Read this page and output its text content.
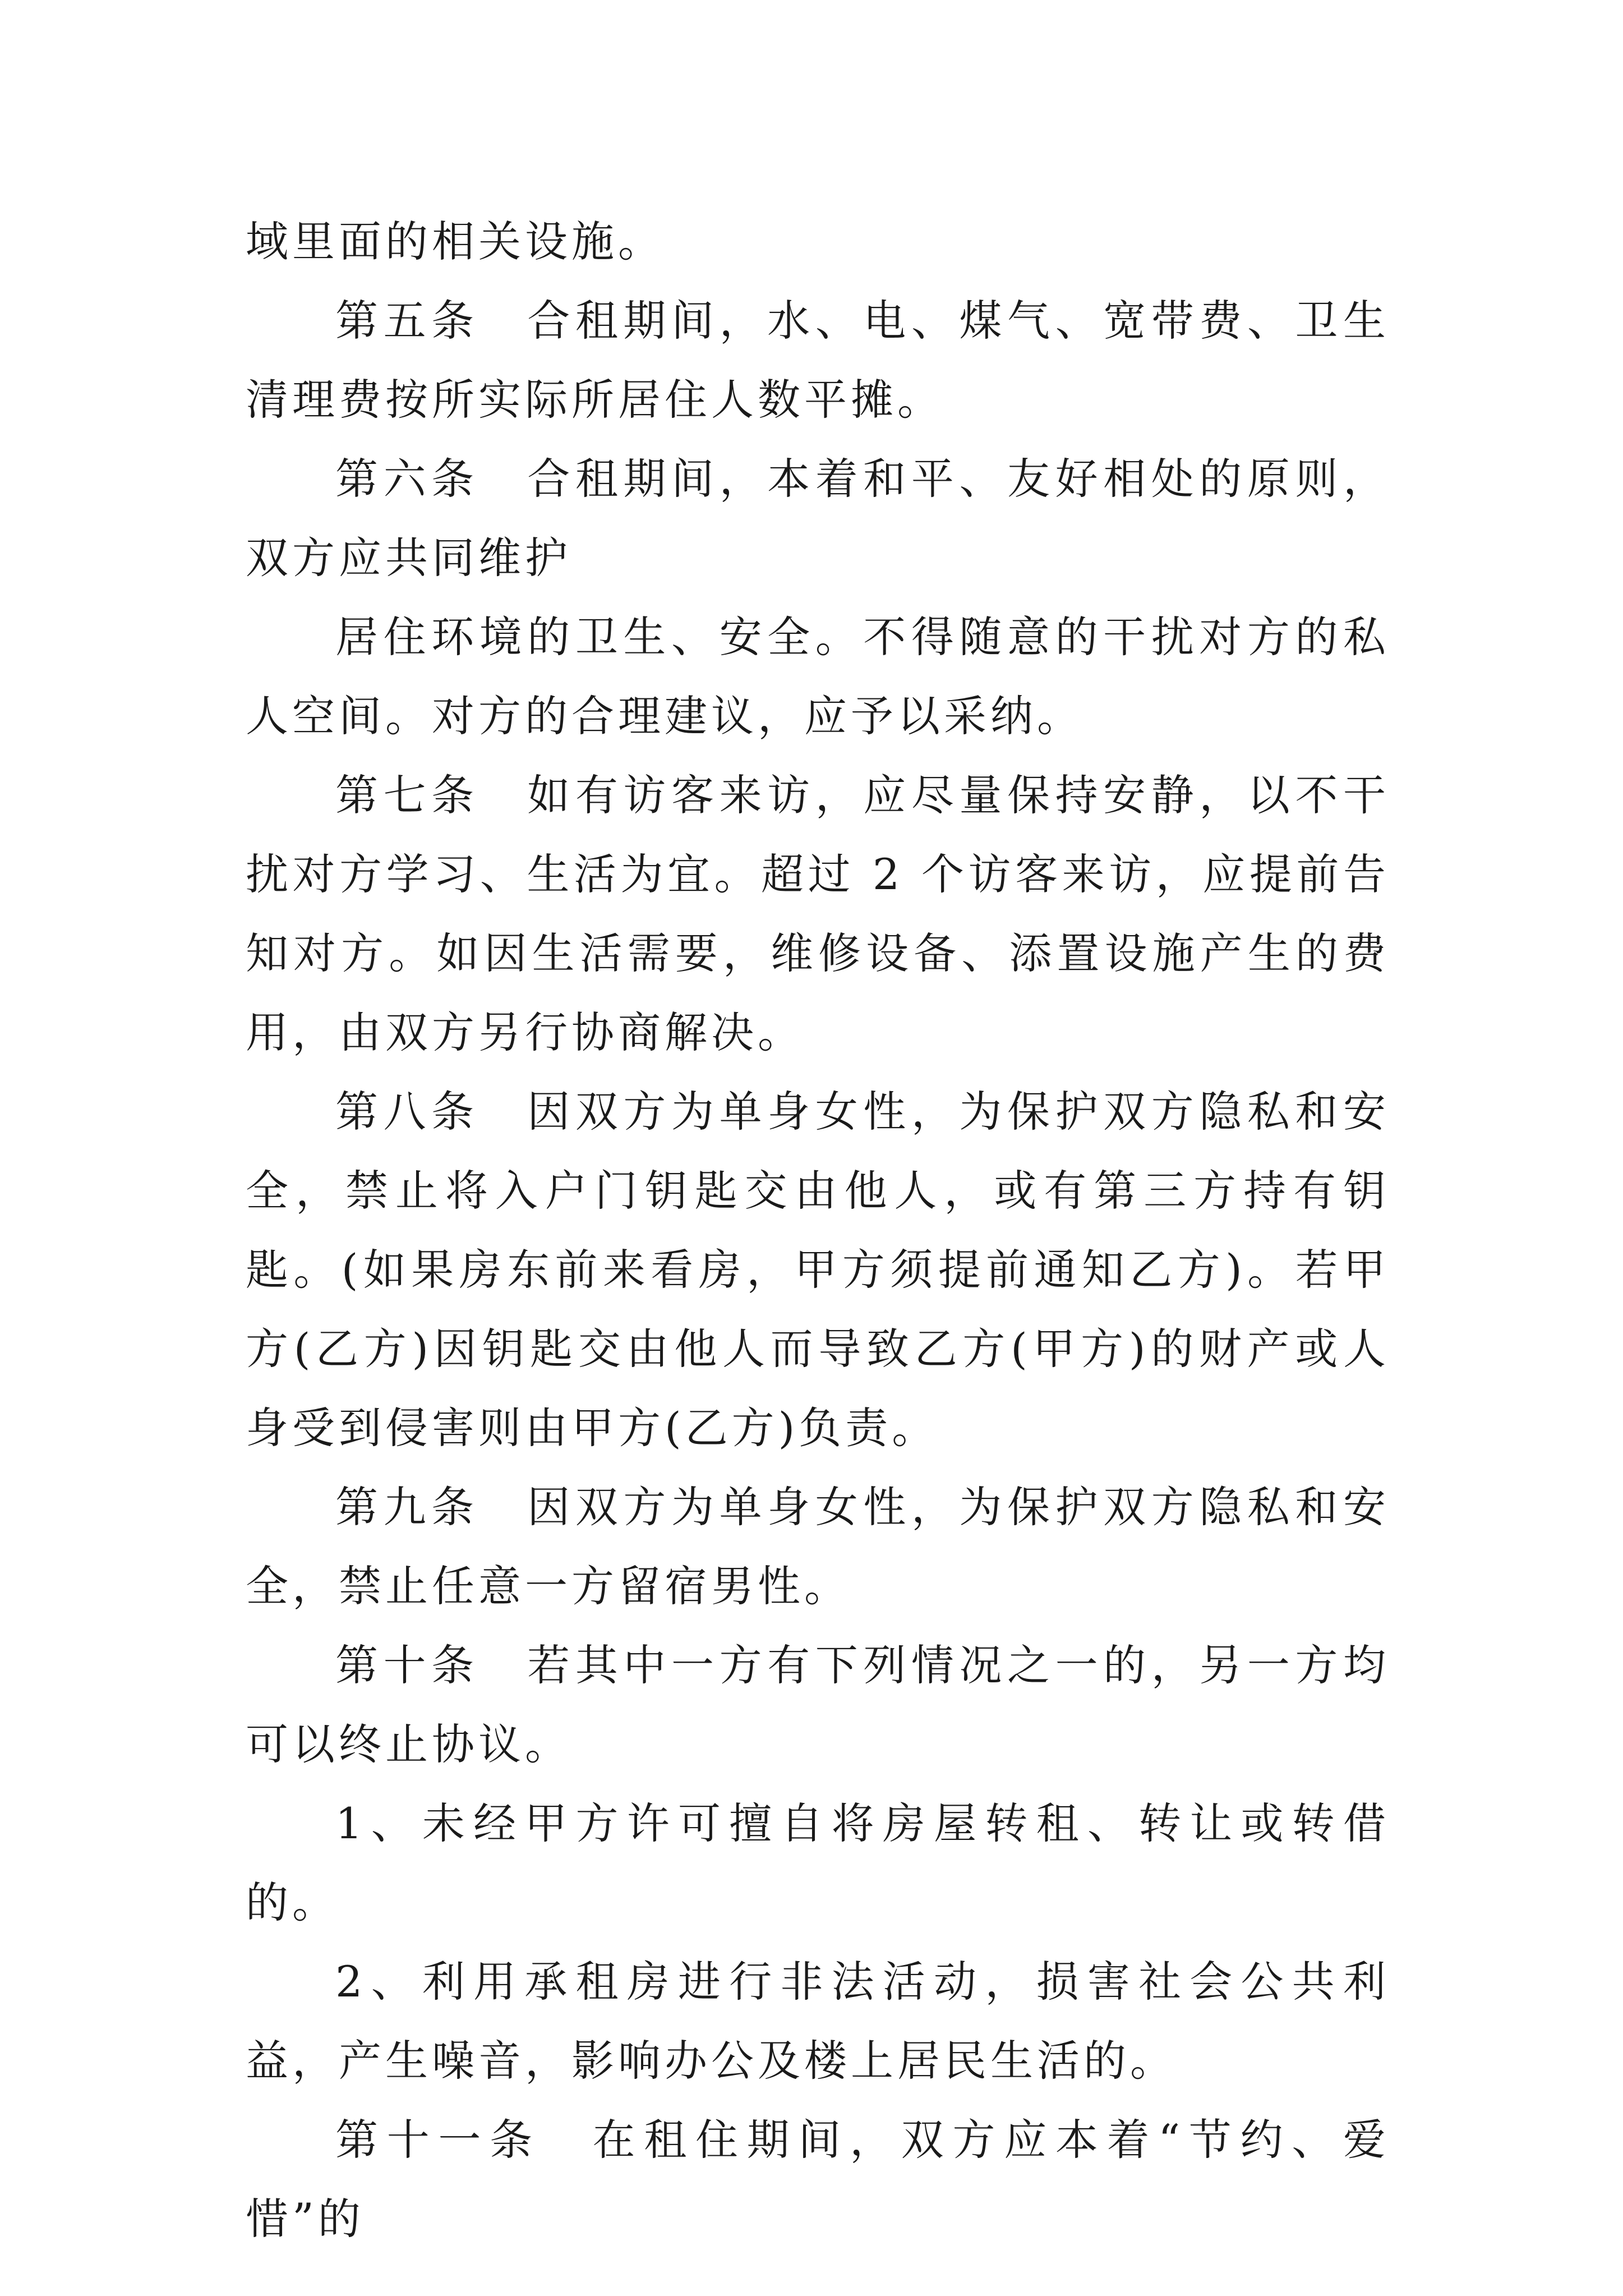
域里面的相关设施。

第五条　合租期间，水、电、煤气、宽带费、卫生清理费按所实际所居住人数平摊。

第六条　合租期间，本着和平、友好相处的原则，双方应共同维护

居住环境的卫生、安全。不得随意的干扰对方的私人空间。对方的合理建议，应予以采纳。

第七条　如有访客来访，应尽量保持安静，以不干扰对方学习、生活为宜。超过 2 个访客来访，应提前告知对方。如因生活需要，维修设备、添置设施产生的费用，由双方另行协商解决。

第八条　因双方为单身女性，为保护双方隐私和安全，禁止将入户门钥匙交由他人，或有第三方持有钥匙。(如果房东前来看房，甲方须提前通知乙方)。若甲方(乙方)因钥匙交由他人而导致乙方(甲方)的财产或人身受到侵害则由甲方(乙方)负责。

第九条　因双方为单身女性，为保护双方隐私和安全，禁止任意一方留宿男性。

第十条　若其中一方有下列情况之一的，另一方均可以终止协议。

1、未经甲方许可擅自将房屋转租、转让或转借的。

2、利用承租房进行非法活动，损害社会公共利益，产生噪音，影响办公及楼上居民生活的。

第十一条　在租住期间，双方应本着“节约、爱惜”的
